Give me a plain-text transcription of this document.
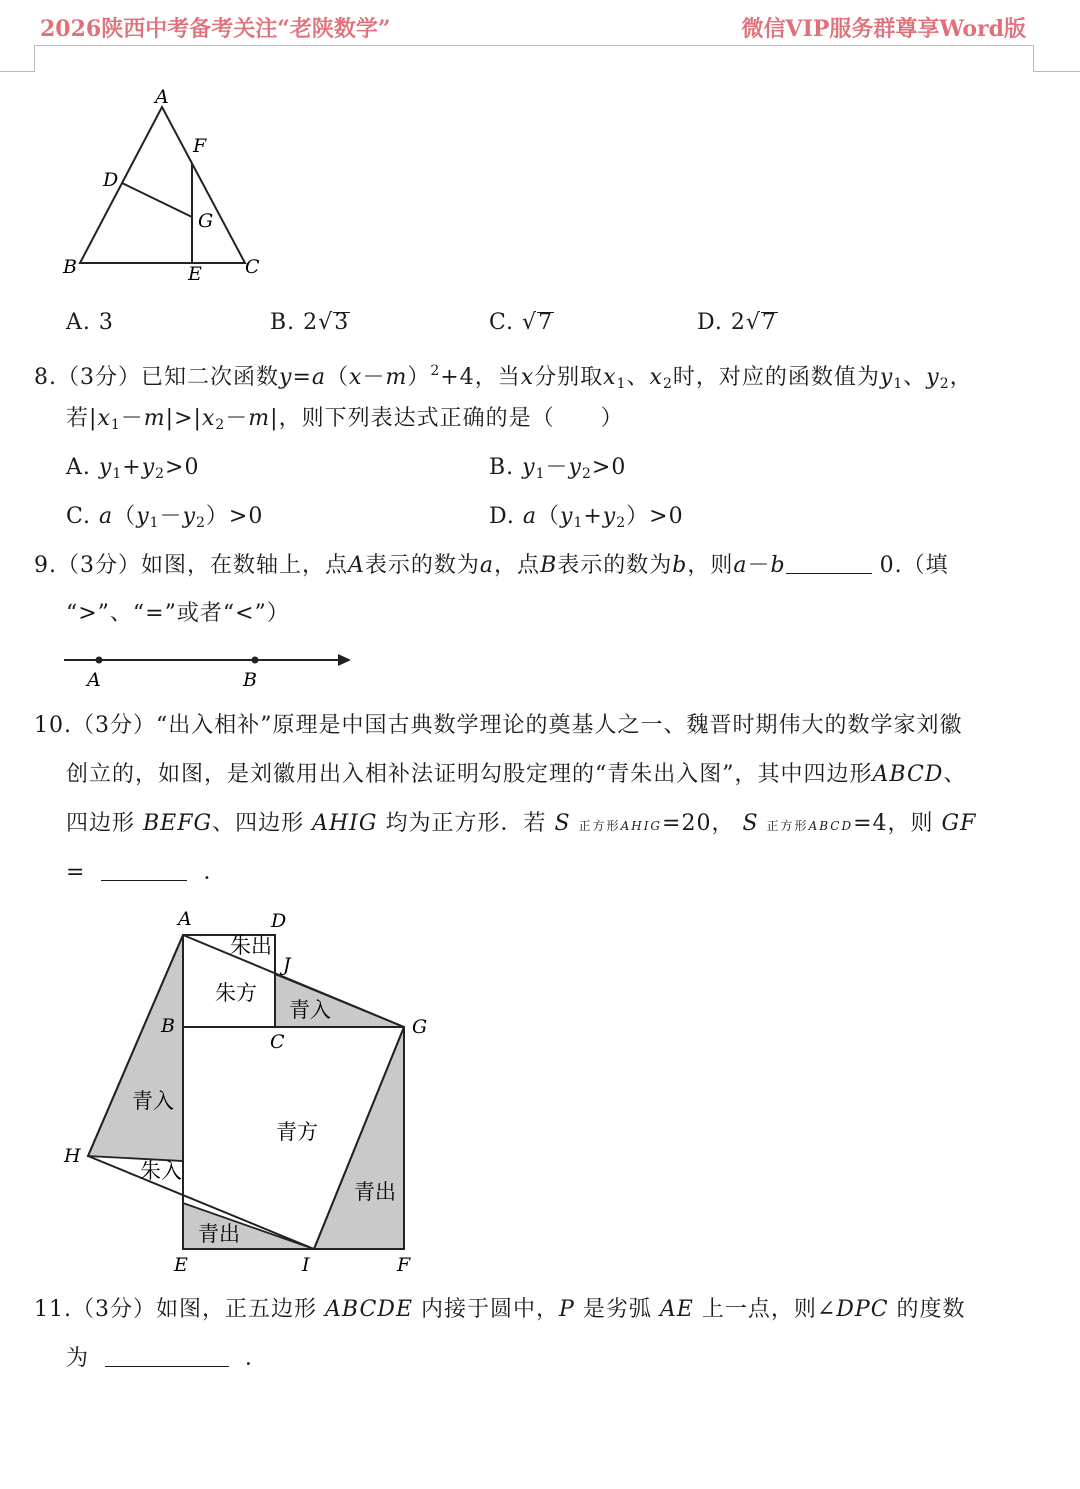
2026陕西中考备考关注“老陕数学”	微信VIP服务群尊享Word版
A
F
D
G
B	E C
A. 3	B. 2√3	C. √7	D. 2√7
8.（3分）已知二次函数$y=a(x-m)^2+4$，当x分别取$x_1$、$x_2$时，对应的函数值为$y_1$、$y_2$，
若$|x_1-m|>|x_2-m|$，则下列表达式正确的是（　　）
A. $y_1+y_2>0$	B. $y_1-y_2>0$
C. $a(y_1-y_2)>0$	D. $a(y_1+y_2)>0$
9.（3分）如图，在数轴上，点A表示的数为a，点B表示的数为b，则a－b	0.（填
“>”、“=”或者“<”）
A	B
10.（3分）“出入相补”原理是中国古典数学理论的奠基人之一、魏晋时期伟大的数学家刘徽
创立的，如图，是刘徽用出入相补法证明勾股定理的“青朱出入图”，其中四边形ABCD、
四边形 BEFG、四边形 AHIG 均为正方形．若 S 正方形AHIG=20， S 正方形ABCD=4，则 GF
=	．
A	D
J
B
C
G
H
E	I	F
朱出
朱方
青入
青入
青方
朱入
青出
青出
11.（3分）如图，正五边形 ABCDE 内接于圆中，P 是劣弧 AE 上一点，则∠DPC 的度数
为	．
